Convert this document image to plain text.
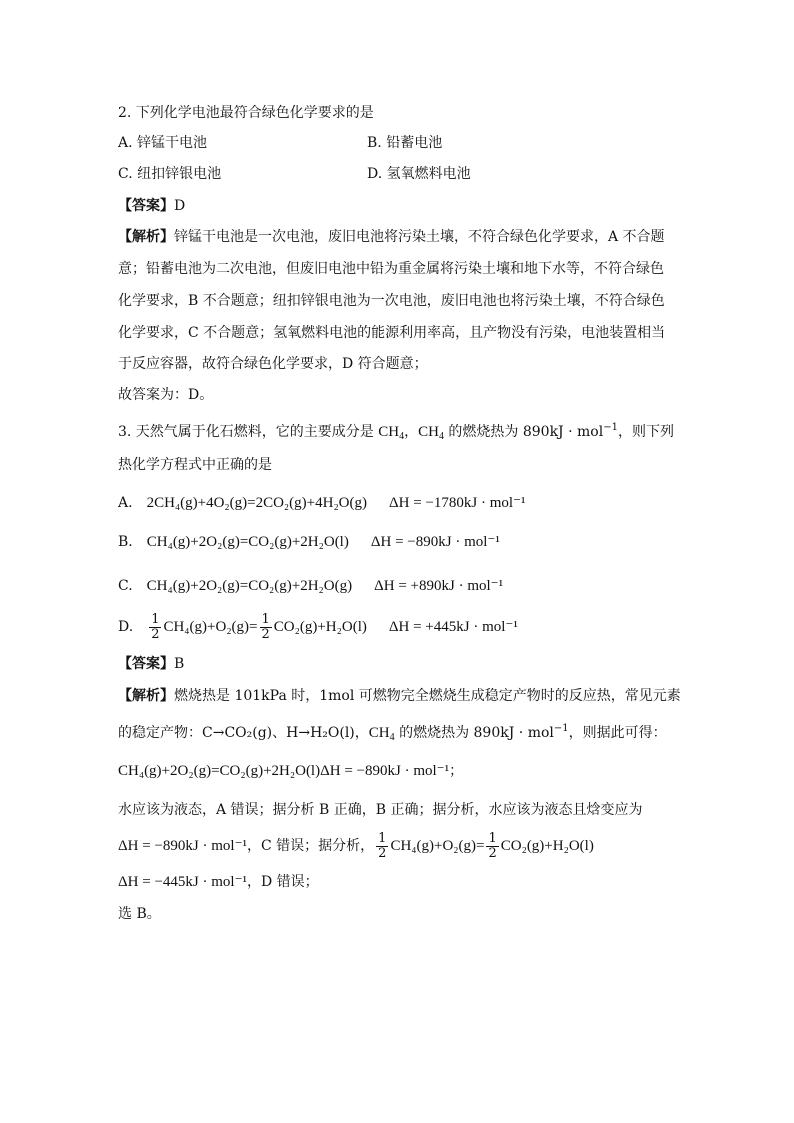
2. 下列化学电池最符合绿色化学要求的是

A. 锌锰干电池	B. 铅蓄电池
C. 纽扣锌银电池	D. 氢氧燃料电池

【答案】D

【解析】锌锰干电池是一次电池，废旧电池将污染土壤，不符合绿色化学要求，A 不合题

意；铅蓄电池为二次电池，但废旧电池中铅为重金属将污染土壤和地下水等，不符合绿色

化学要求，B 不合题意；纽扣锌银电池为一次电池，废旧电池也将污染土壤，不符合绿色

化学要求，C 不合题意；氢氧燃料电池的能源利用率高，且产物没有污染，电池装置相当

于反应容器，故符合绿色化学要求，D 符合题意；

故答案为：D。

3. 天然气属于化石燃料，它的主要成分是 $CH_4$，$CH_4$ 的燃烧热为 890kJ · mol$^{-1}$，则下列

热化学方程式中正确的是

A. 2CH₄(g)+4O₂(g)=2CO₂(g)+4H₂O(g) ΔH = −1780kJ · mol⁻¹

B. CH₄(g)+2O₂(g)=CO₂(g)+2H₂O(l) ΔH = −890kJ · mol⁻¹

C. CH₄(g)+2O₂(g)=CO₂(g)+2H₂O(g) ΔH = +890kJ · mol⁻¹

D. $\frac{1}{2} CH_4(g)+O_2(g)= \frac{1}{2} CO_2(g)+H_2O(l) \Delta H = +445kJ \cdot mol^{-1}$

【答案】B

【解析】燃烧热是 101kPa 时，1mol 可燃物完全燃烧生成稳定产物时的反应热，常见元素

的稳定产物：C→CO₂(g)、H→H₂O(l)，$CH_4$ 的燃烧热为 890kJ · mol$^{-1}$，则据此可得：

CH₄(g)+2O₂(g)=CO₂(g)+2H₂O(l)ΔH = −890kJ · mol⁻¹；

水应该为液态，A 错误；据分析 B 正确，B 正确；据分析，水应该为液态且焓变应为

ΔH = −890kJ · mol⁻¹，C 错误；据分析， $\frac{1}{2} CH_4(g)+O_2(g)= \frac{1}{2} CO_2(g)+H_2O(l)$

ΔH = −445kJ · mol⁻¹，D 错误；

选 B。
